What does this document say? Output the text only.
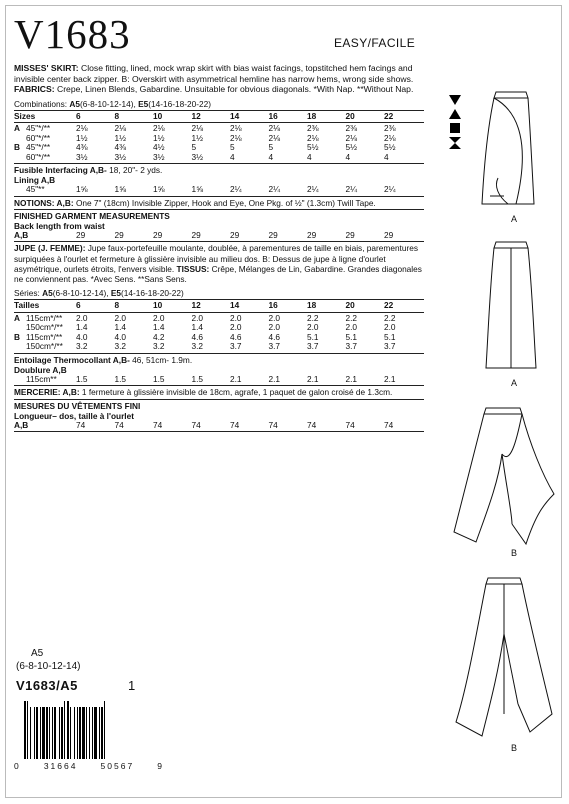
V1683
MISSES' SKIRT: Close fitting, lined, mock wrap skirt with bias waist facings, topstitched hem facings and invisible center back zipper. B: Overskirt with asymmetrical hemline has narrow hems, wrong side shows. FABRICS: Crepe, Linen Blends, Gabardine. Unsuitable for obvious diagonals. *With Nap. **Without Nap.
Combinations: A5(6-8-10-12-14), E5(14-16-18-20-22)
Sizes	6	8	10	12	14	16	18	20	22
A 45"*/**	2⅛	2⅛	2⅛	2⅛	2⅛	2⅛	2⅜	2⅜	2⅜
60"*/**	1½	1½	1½	1½	2⅛	2⅛	2⅛	2⅛	2⅛
B 45"*/**	4⅜	4⅜	4½	5	5	5	5½	5½	5½
60"*/**	3½	3½	3½	3½	4	4	4	4	4
Fusible Interfacing A,B- 18, 20"- 2 yds.
Lining A,B
45"**	1⅝	1⅝	1⅝	1⅝	2¼	2¼	2¼	2¼	2¼
NOTIONS: A,B: One 7" (18cm) Invisible Zipper, Hook and Eye, One Pkg. of ½" (1.3cm) Twill Tape.
FINISHED GARMENT MEASUREMENTS
Back length from waist
A,B	29	29	29	29	29	29	29	29	29
JUPE (J. FEMME): Jupe faux-portefeuille moulante, doublée, à parementures de taille en biais, parementures surpiquées à l'ourlet et fermeture à glissière invisible au milieu dos. B: Dessus de jupe à ligne d'ourlet asymétrique, ourlets étroits, l'envers visible. TISSUS: Crêpe, Mélanges de Lin, Gabardine. Grandes diagonales ne conviennent pas. *Avec Sens. **Sans Sens.
Séries: A5(6-8-10-12-14), E5(14-16-18-20-22)
Tailles	6	8	10	12	14	16	18	20	22
A 115cm*/** 2.0	2.0	2.0	2.0	2.0	2.0	2.2	2.2	2.2
150cm*/** 1.4	1.4	1.4	1.4	2.0	2.0	2.0	2.0	2.0
B 115cm*/** 4.0	4.0	4.2	4.6	4.6	4.6	5.1	5.1	5.1
150cm*/** 3.2	3.2	3.2	3.2	3.7	3.7	3.7	3.7	3.7
Entoilage Thermocollant A,B- 46, 51cm- 1.9m.
Doublure A,B
115cm** 1.5	1.5	1.5	1.5	2.1	2.1	2.1	2.1	2.1
MERCERIE: A,B: 1 fermeture à glissière invisible de 18cm, agrafe, 1 paquet de galon croisé de 1.3cm.
MESURES DU VÊTEMENTS FINI
Longueur– dos, taille à l'ourlet
A,B	74	74	74	74	74	74	74	74	74
EASY/FACILE
A5
(6-8-10-12-14)
V1683/A5	1
0	31664	50567	9
A
A
B
B
